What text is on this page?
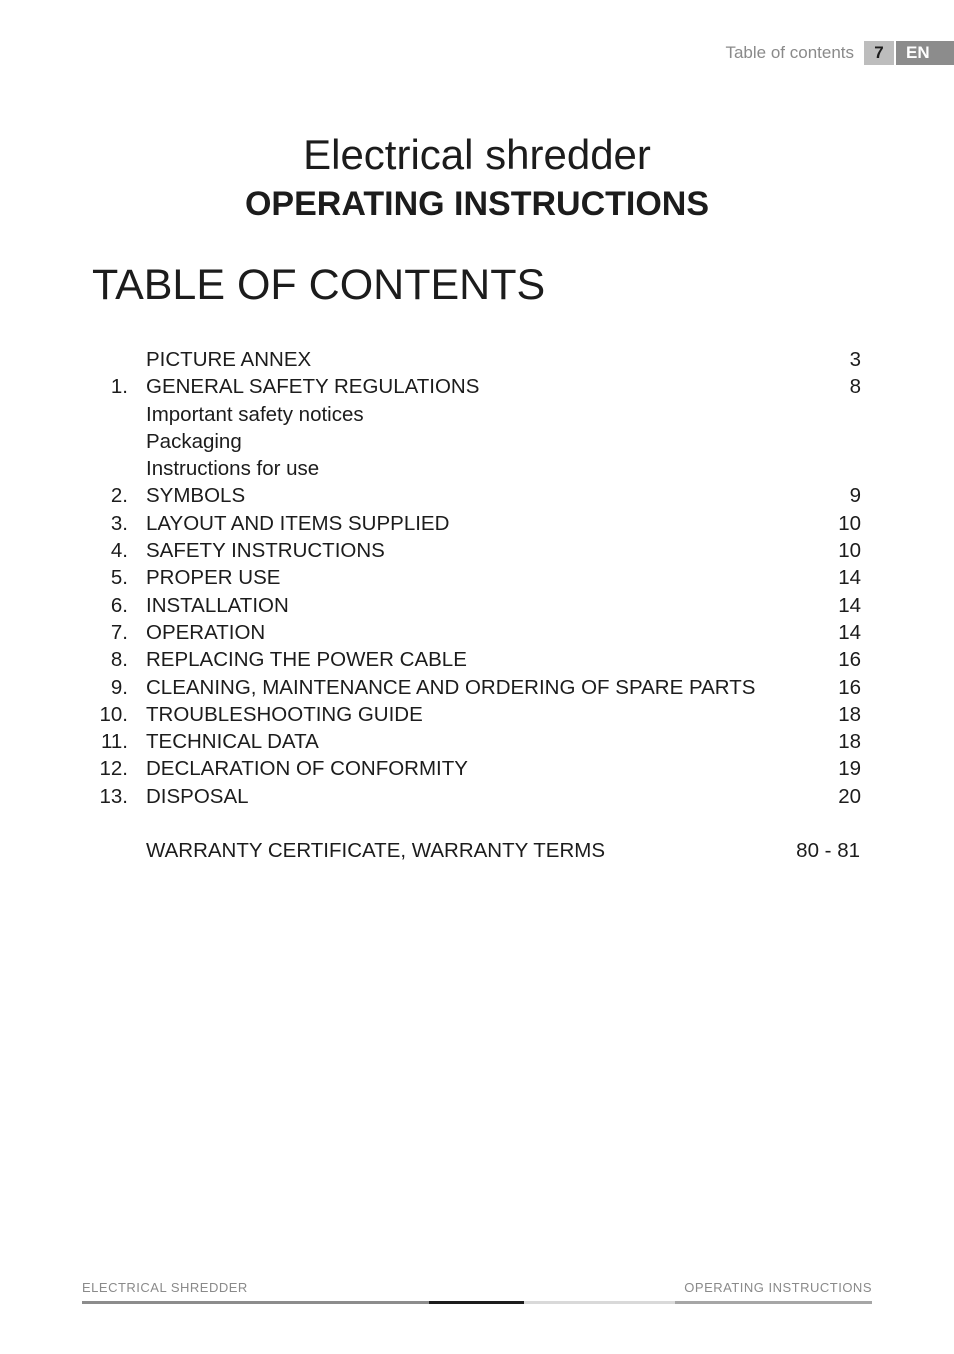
Table of contents	7	EN
Electrical shredder
OPERATING INSTRUCTIONS
TABLE OF CONTENTS
PICTURE ANNEX	3
1. GENERAL SAFETY REGULATIONS	8
Important safety notices
Packaging
Instructions for use
2. SYMBOLS	9
3. LAYOUT AND ITEMS SUPPLIED	10
4. SAFETY INSTRUCTIONS	10
5. PROPER USE	14
6. INSTALLATION	14
7. OPERATION	14
8. REPLACING THE POWER CABLE	16
9. CLEANING, MAINTENANCE AND ORDERING OF SPARE PARTS	16
10. TROUBLESHOOTING GUIDE	18
11. TECHNICAL DATA	18
12. DECLARATION OF CONFORMITY	19
13. DISPOSAL	20
WARRANTY CERTIFICATE, WARRANTY TERMS	80 - 81
ELECTRICAL SHREDDER	OPERATING INSTRUCTIONS
